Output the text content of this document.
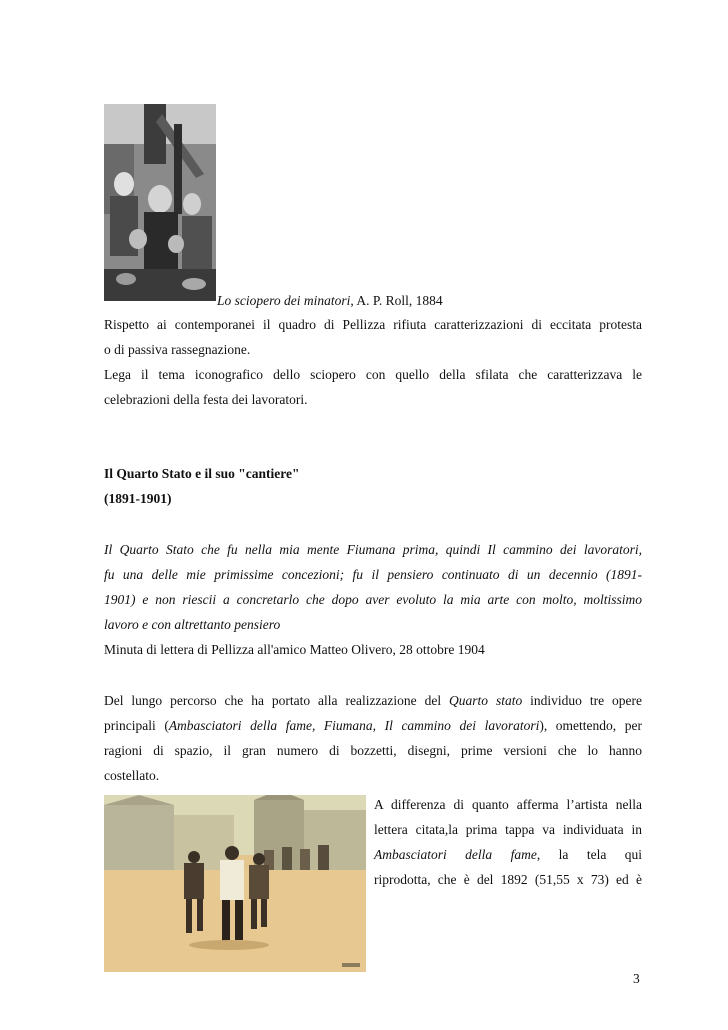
Lo sciopero dei minatori, A. P. Roll, 1884
Rispetto ai contemporanei il quadro di Pellizza rifiuta caratterizzazioni di eccitata protesta
o di passiva rassegnazione.
Lega il tema iconografico dello sciopero con quello della sfilata che caratterizzava le
celebrazioni della festa dei lavoratori.
Il Quarto Stato e il suo "cantiere"
(1891-1901)
Il Quarto Stato che fu nella mia mente Fiumana prima, quindi Il cammino dei lavoratori,
fu una delle mie primissime concezioni; fu il pensiero continuato di un decennio (1891-
1901) e non riescii a concretarlo che dopo aver evoluto la mia arte con molto, moltissimo
lavoro e con altrettanto pensiero
Minuta di lettera di Pellizza all'amico Matteo Olivero, 28 ottobre 1904
Del lungo percorso che ha portato alla realizzazione del Quarto stato individuo tre opere
principali (Ambasciatori della fame, Fiumana, Il cammino dei lavoratori), omettendo, per
ragioni di spazio, il gran numero di bozzetti, disegni, prime versioni che lo hanno
costellato.
A differenza di quanto afferma l’artista nella
lettera citata,la prima tappa va individuata in
Ambasciatori della fame, la tela qui
riprodotta, che è del 1892 (51,55 x 73) ed è
3
